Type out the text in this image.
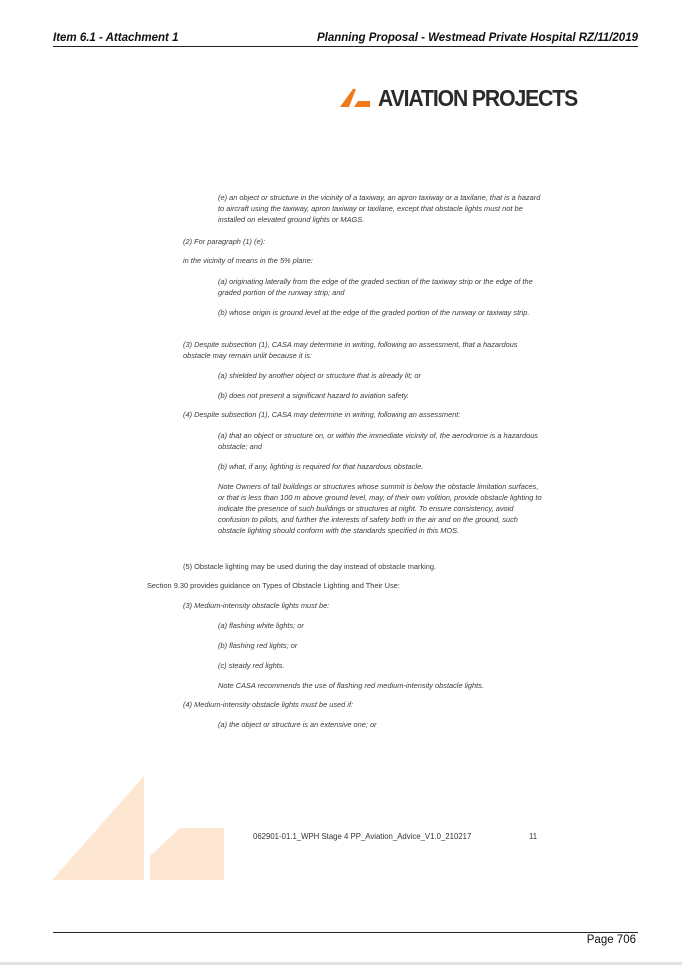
Item 6.1 - Attachment 1	Planning Proposal - Westmead Private Hospital RZ/11/2019
AVIATION PROJECTS
(e) an object or structure in the vicinity of a taxiway, an apron taxiway or a taxilane, that is a hazard to aircraft using the taxiway, apron taxiway or taxilane, except that obstacle lights must not be installed on elevated ground lights or MAGS.
(2) For paragraph (1) (e):
in the vicinity of means in the 5% plane:
(a) originating laterally from the edge of the graded section of the taxiway strip or the edge of the graded portion of the runway strip; and
(b) whose origin is ground level at the edge of the graded portion of the runway or taxiway strip.
(3) Despite subsection (1), CASA may determine in writing, following an assessment, that a hazardous obstacle may remain unlit because it is:
(a) shielded by another object or structure that is already lit; or
(b) does not present a significant hazard to aviation safety.
(4) Despite subsection (1), CASA may determine in writing, following an assessment:
(a) that an object or structure on, or within the immediate vicinity of, the aerodrome is a hazardous obstacle; and
(b) what, if any, lighting is required for that hazardous obstacle.
Note Owners of tall buildings or structures whose summit is below the obstacle limitation surfaces, or that is less than 100 m above ground level, may, of their own volition, provide obstacle lighting to indicate the presence of such buildings or structures at night. To ensure consistency, avoid confusion to pilots, and further the interests of safety both in the air and on the ground, such obstacle lighting should conform with the standards specified in this MOS.
(5) Obstacle lighting may be used during the day instead of obstacle marking.
Section 9.30 provides guidance on Types of Obstacle Lighting and Their Use:
(3) Medium-intensity obstacle lights must be:
(a) flashing white lights; or
(b) flashing red lights; or
(c) steady red lights.
Note CASA recommends the use of flashing red medium-intensity obstacle lights.
(4) Medium-intensity obstacle lights must be used if:
(a) the object or structure is an extensive one; or
062901-01.1_WPH Stage 4 PP_Aviation_Advice_V1.0_210217	11
Page 706
